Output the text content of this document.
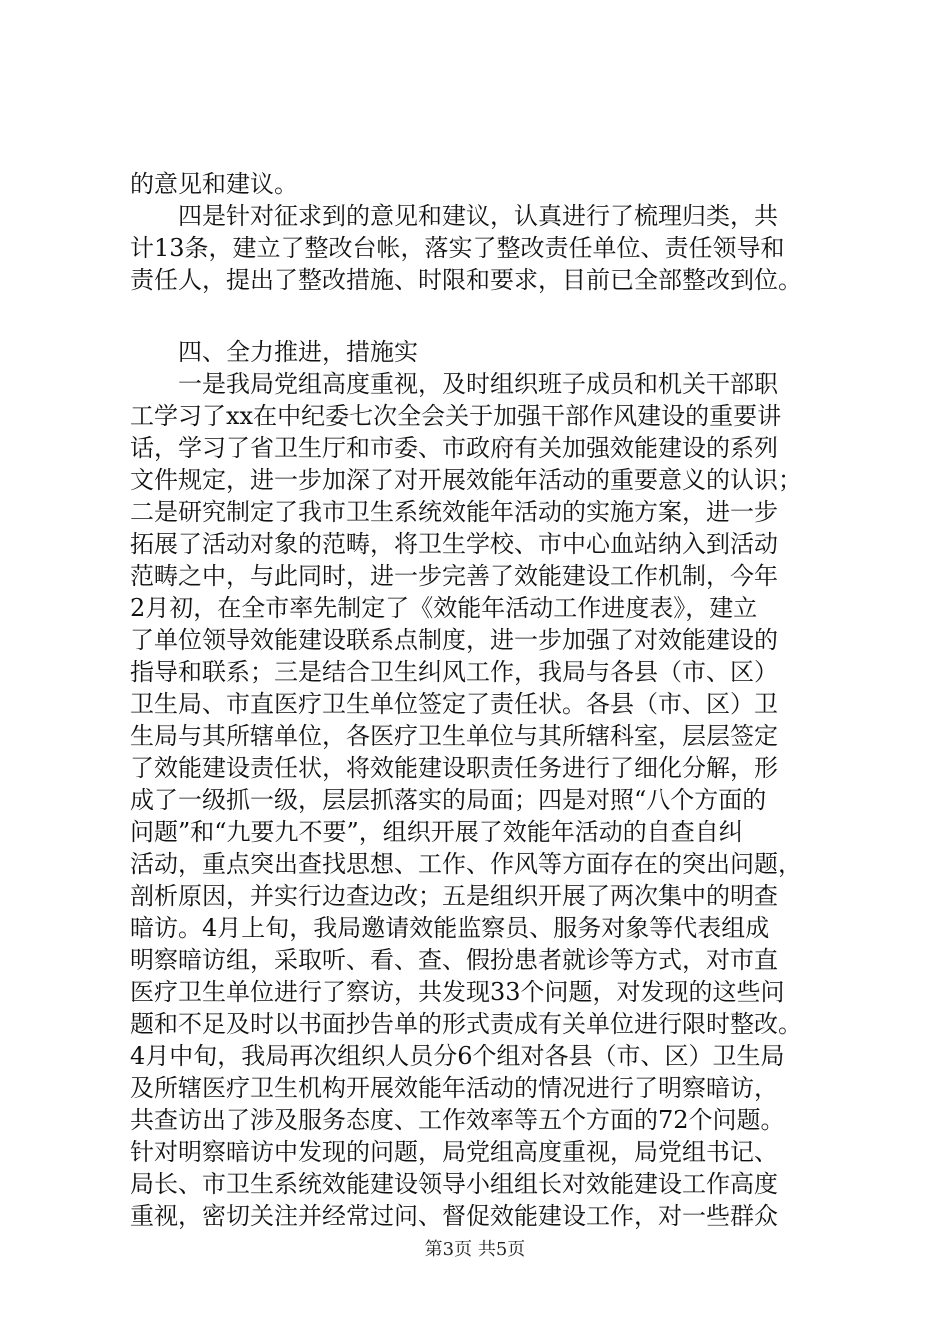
的意见和建议。
　　四是针对征求到的意见和建议，认真进行了梳理归类，共
计13条，建立了整改台帐，落实了整改责任单位、责任领导和
责任人，提出了整改措施、时限和要求，目前已全部整改到位。
　　四、全力推进，措施实
　　一是我局党组高度重视，及时组织班子成员和机关干部职
工学习了xx在中纪委七次全会关于加强干部作风建设的重要讲
话，学习了省卫生厅和市委、市政府有关加强效能建设的系列
文件规定，进一步加深了对开展效能年活动的重要意义的认识；
二是研究制定了我市卫生系统效能年活动的实施方案，进一步
拓展了活动对象的范畴，将卫生学校、市中心血站纳入到活动
范畴之中，与此同时，进一步完善了效能建设工作机制，今年
2月初，在全市率先制定了《效能年活动工作进度表》，建立
了单位领导效能建设联系点制度，进一步加强了对效能建设的
指导和联系；三是结合卫生纠风工作，我局与各县（市、区）
卫生局、市直医疗卫生单位签定了责任状。各县（市、区）卫
生局与其所辖单位，各医疗卫生单位与其所辖科室，层层签定
了效能建设责任状，将效能建设职责任务进行了细化分解，形
成了一级抓一级，层层抓落实的局面；四是对照“八个方面的
问题”和“九要九不要”，组织开展了效能年活动的自查自纠
活动，重点突出查找思想、工作、作风等方面存在的突出问题，
剖析原因，并实行边查边改；五是组织开展了两次集中的明查
暗访。4月上旬，我局邀请效能监察员、服务对象等代表组成
明察暗访组，采取听、看、查、假扮患者就诊等方式，对市直
医疗卫生单位进行了察访，共发现33个问题，对发现的这些问
题和不足及时以书面抄告单的形式责成有关单位进行限时整改。
4月中旬，我局再次组织人员分6个组对各县（市、区）卫生局
及所辖医疗卫生机构开展效能年活动的情况进行了明察暗访，
共查访出了涉及服务态度、工作效率等五个方面的72个问题。
针对明察暗访中发现的问题，局党组高度重视，局党组书记、
局长、市卫生系统效能建设领导小组组长对效能建设工作高度
重视，密切关注并经常过问、督促效能建设工作，对一些群众
第3页 共5页
